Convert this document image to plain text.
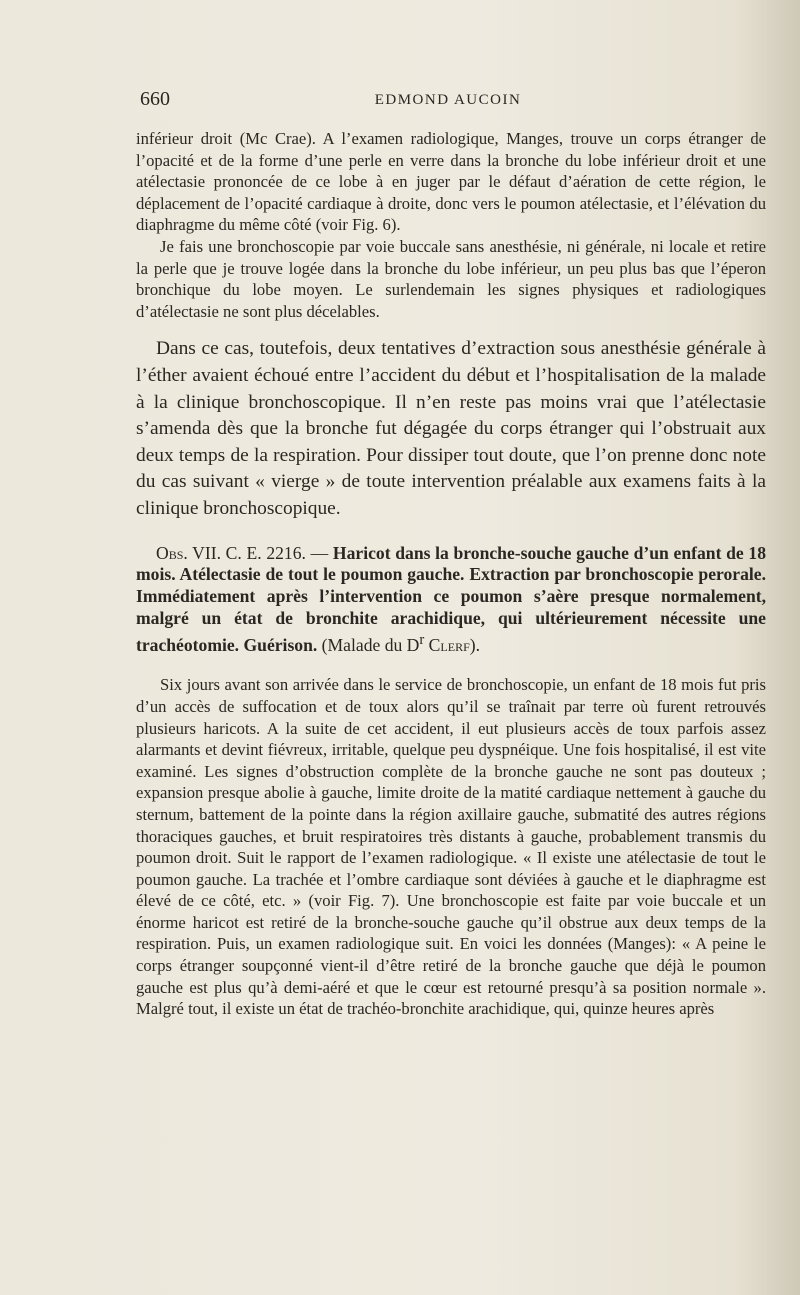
660	EDMOND AUCOIN

inférieur droit (Mc Crae). A l’examen radiologique, Manges, trouve un corps étranger de l’opacité et de la forme d’une perle en verre dans la bronche du lobe inférieur droit et une atélectasie prononcée de ce lobe à en juger par le défaut d’aération de cette région, le déplacement de l’opacité cardiaque à droite, donc vers le poumon atélectasie, et l’élévation du diaphragme du même côté (voir Fig. 6).

Je fais une bronchoscopie par voie buccale sans anesthésie, ni générale, ni locale et retire la perle que je trouve logée dans la bronche du lobe inférieur, un peu plus bas que l’éperon bronchique du lobe moyen. Le surlendemain les signes physiques et radiologiques d’atélectasie ne sont plus décelables.

Dans ce cas, toutefois, deux tentatives d’extraction sous anesthésie générale à l’éther avaient échoué entre l’accident du début et l’hospitalisation de la malade à la clinique bronchoscopique. Il n’en reste pas moins vrai que l’atélectasie s’amenda dès que la bronche fut dégagée du corps étranger qui l’obstruait aux deux temps de la respiration. Pour dissiper tout doute, que l’on prenne donc note du cas suivant « vierge » de toute intervention préalable aux examens faits à la clinique bronchoscopique.

Obs. VII. C. E. 2216. — Haricot dans la bronche-souche gauche d’un enfant de 18 mois. Atélectasie de tout le poumon gauche. Extraction par bronchoscopie perorale. Immédiatement après l’intervention ce poumon s’aère presque normalement, malgré un état de bronchite arachidique, qui ultérieurement nécessite une trachéotomie. Guérison. (Malade du $D^r$ Clerf).

Six jours avant son arrivée dans le service de bronchoscopie, un enfant de 18 mois fut pris d’un accès de suffocation et de toux alors qu’il se traînait par terre où furent retrouvés plusieurs haricots. A la suite de cet accident, il eut plusieurs accès de toux parfois assez alarmants et devint fiévreux, irritable, quelque peu dyspnéique. Une fois hospitalisé, il est vite examiné. Les signes d’obstruction complète de la bronche gauche ne sont pas douteux ; expansion presque abolie à gauche, limite droite de la matité cardiaque nettement à gauche du sternum, battement de la pointe dans la région axillaire gauche, submatité des autres régions thoraciques gauches, et bruit respiratoires très distants à gauche, probablement transmis du poumon droit. Suit le rapport de l’examen radiologique. « Il existe une atélectasie de tout le poumon gauche. La trachée et l’ombre cardiaque sont déviées à gauche et le diaphragme est élevé de ce côté, etc. » (voir Fig. 7). Une bronchoscopie est faite par voie buccale et un énorme haricot est retiré de la bronche-souche gauche qu’il obstrue aux deux temps de la respiration. Puis, un examen radiologique suit. En voici les données (Manges): « A peine le corps étranger soupçonné vient-il d’être retiré de la bronche gauche que déjà le poumon gauche est plus qu’à demi-aéré et que le cœur est retourné presqu’à sa position normale ». Malgré tout, il existe un état de trachéo-bronchite arachidique, qui, quinze heures après
